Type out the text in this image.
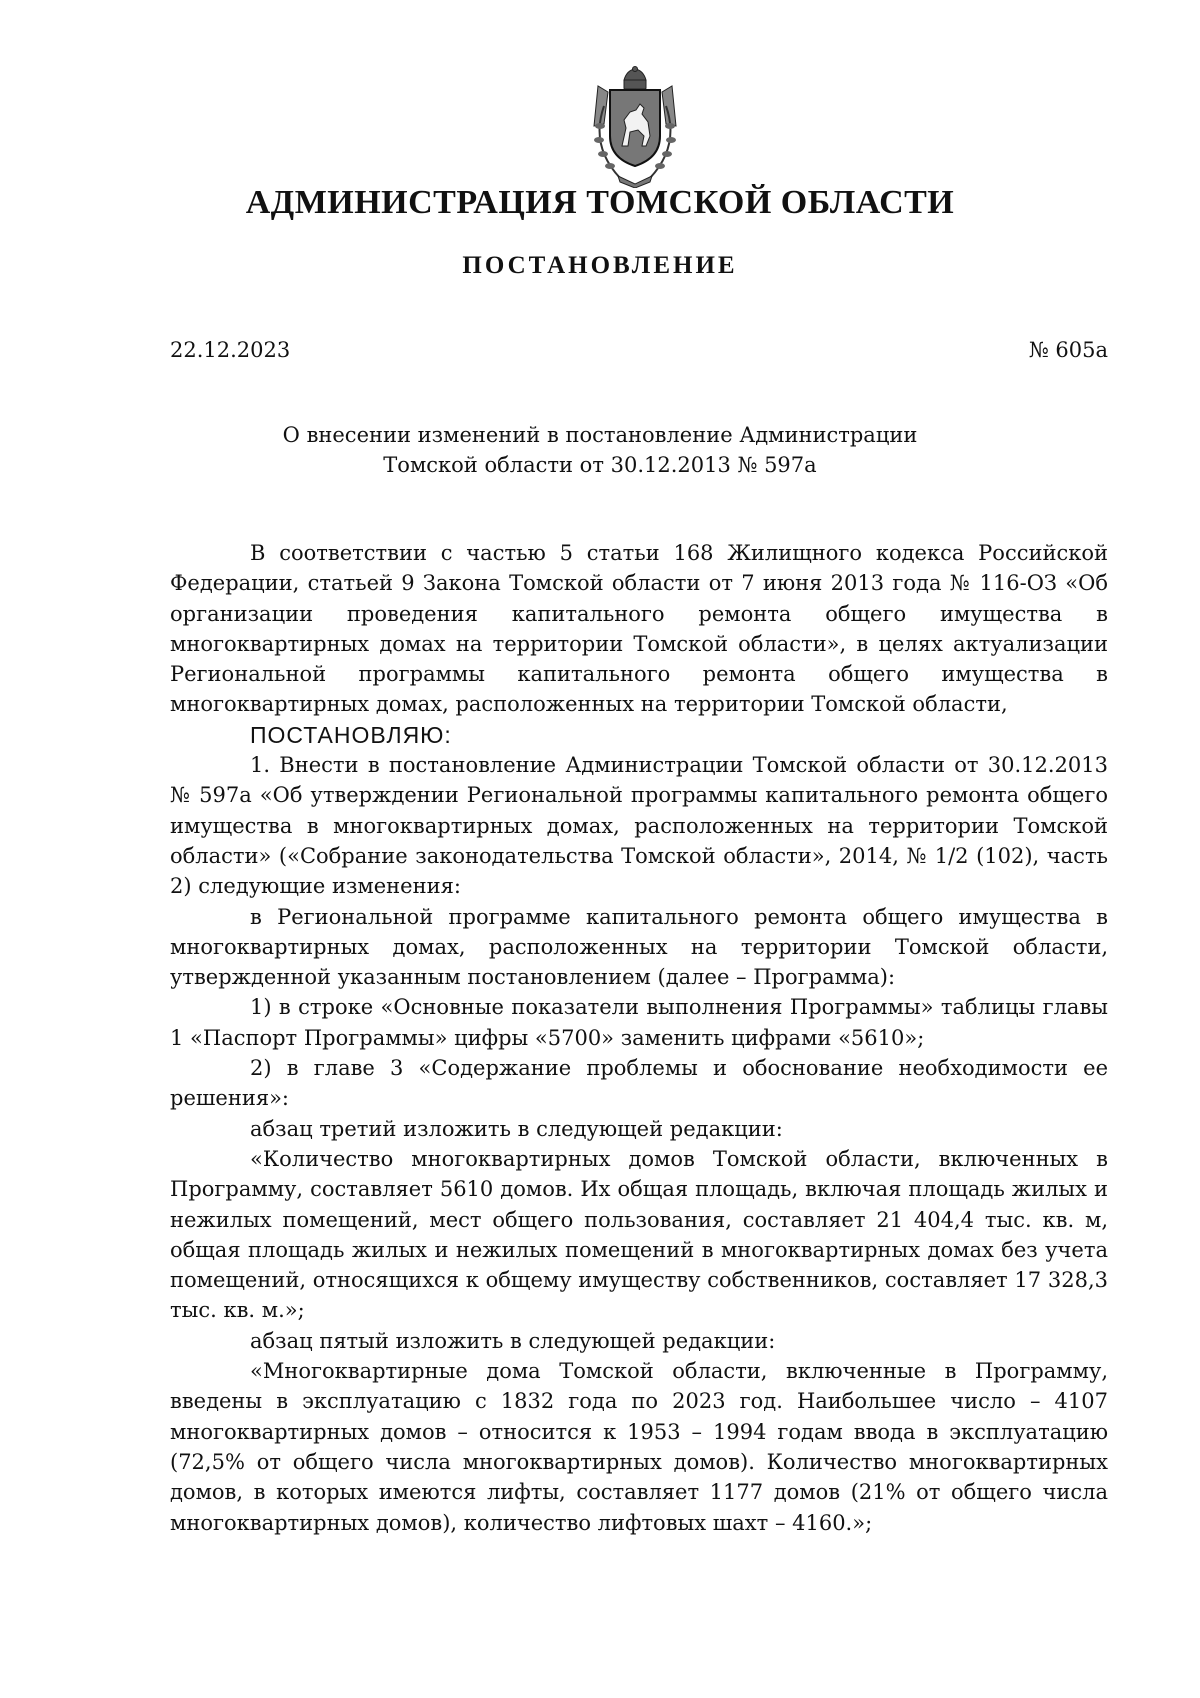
АДМИНИСТРАЦИЯ ТОМСКОЙ ОБЛАСТИ
ПОСТАНОВЛЕНИЕ
22.12.2023	№ 605а
О внесении изменений в постановление Администрации
Томской области от 30.12.2013 № 597а

В соответствии с частью 5 статьи 168 Жилищного кодекса Российской Федерации, статьей 9 Закона Томской области от 7 июня 2013 года № 116-ОЗ «Об организации проведения капитального ремонта общего имущества в многоквартирных домах на территории Томской области», в целях актуализации Региональной программы капитального ремонта общего имущества в многоквартирных домах, расположенных на территории Томской области,

ПОСТАНОВЛЯЮ:

1. Внести в постановление Администрации Томской области от 30.12.2013 № 597а «Об утверждении Региональной программы капитального ремонта общего имущества в многоквартирных домах, расположенных на территории Томской области» («Собрание законодательства Томской области», 2014, № 1/2 (102), часть 2) следующие изменения:

в Региональной программе капитального ремонта общего имущества в многоквартирных домах, расположенных на территории Томской области, утвержденной указанным постановлением (далее – Программа):

1) в строке «Основные показатели выполнения Программы» таблицы главы 1 «Паспорт Программы» цифры «5700» заменить цифрами «5610»;

2) в главе 3 «Содержание проблемы и обоснование необходимости ее решения»:

абзац третий изложить в следующей редакции:

«Количество многоквартирных домов Томской области, включенных в Программу, составляет 5610 домов. Их общая площадь, включая площадь жилых и нежилых помещений, мест общего пользования, составляет 21 404,4 тыс. кв. м, общая площадь жилых и нежилых помещений в многоквартирных домах без учета помещений, относящихся к общему имуществу собственников, составляет 17 328,3 тыс. кв. м.»;

абзац пятый изложить в следующей редакции:

«Многоквартирные дома Томской области, включенные в Программу, введены в эксплуатацию с 1832 года по 2023 год. Наибольшее число – 4107 многоквартирных домов – относится к 1953 – 1994 годам ввода в эксплуатацию (72,5% от общего числа многоквартирных домов). Количество многоквартирных домов, в которых имеются лифты, составляет 1177 домов (21% от общего числа многоквартирных домов), количество лифтовых шахт – 4160.»;
